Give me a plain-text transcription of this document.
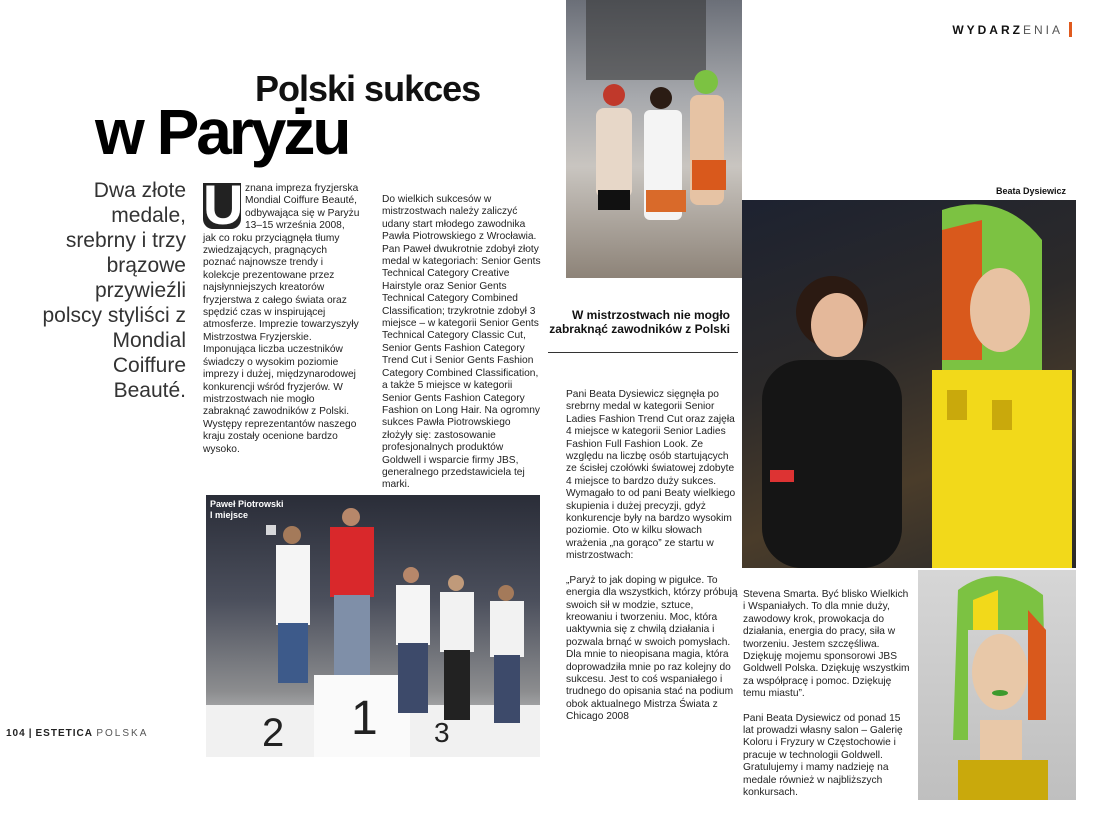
WYDARZ ENIA
Polski sukces
w Paryżu
Dwa złote medale, srebrny i trzy brązowe przywieźli polscy styliści z Mondial Coiffure Beauté.
U znana impreza fryzjerska Mondial Coiffure Beauté, odbywająca się w Paryżu 13–15 września 2008, jak co roku przyciągnęła tłumy zwiedzających, pragnących poznać najnowsze trendy i kolekcje prezentowane przez najsłynniejszych kreatorów fryzjerstwa z całego świata oraz spędzić czas w inspirującej atmosferze. Imprezie towarzyszyły Mistrzostwa Fryzjerskie. Imponująca liczba uczestników świadczy o wysokim poziomie imprezy i dużej, międzynarodowej konkurencji wśród fryzjerów. W mistrzostwach nie mogło zabraknąć zawodników z Polski. Występy reprezentantów naszego kraju zostały ocenione bardzo wysoko.
Do wielkich sukcesów w mistrzostwach należy zaliczyć udany start młodego zawodnika Pawła Piotrowskiego z Wrocławia. Pan Paweł dwukrotnie zdobył złoty medal w kategoriach: Senior Gents Technical Category Creative Hairstyle oraz Senior Gents Technical Category Combined Classification; trzykrotnie zdobył 3 miejsce – w kategorii Senior Gents Technical Category Classic Cut, Senior Gents Fashion Category Trend Cut i Senior Gents Fashion Category Combined Classification, a także 5 miejsce w kategorii Senior Gents Fashion Category Fashion on Long Hair. Na ogromny sukces Pawła Piotrowskiego złożyły się: zastosowanie profesjonalnych produktów Goldwell i wsparcie firmy JBS, generalnego przedstawiciela tej marki.
W mistrzostwach nie mogło zabraknąć zawodników z Polski
Beata Dysiewicz
Paweł Piotrowski
I miejsce
2 1 3
Pani Beata Dysiewicz sięgnęła po srebrny medal w kategorii Senior Ladies Fashion Trend Cut oraz zajęła 4 miejsce w kategorii Senior Ladies Fashion Full Fashion Look. Ze względu na liczbę osób startujących ze ścisłej czołówki światowej zdobyte 4 miejsce to bardzo duży sukces. Wymagało to od pani Beaty wielkiego skupienia i dużej precyzji, gdyż konkurencje były na bardzo wysokim poziomie. Oto w kilku słowach wrażenia „na gorąco” ze startu w mistrzostwach:
„Paryż to jak doping w pigułce. To energia dla wszystkich, którzy próbują swoich sił w modzie, sztuce, kreowaniu i tworzeniu. Moc, która uaktywnia się z chwilą działania i pozwala brnąć w swoich pomysłach. Dla mnie to nieopisana magia, która doprowadziła mnie po raz kolejny do sukcesu. Jest to coś wspaniałego i trudnego do opisania stać na podium obok aktualnego Mistrza Świata z Chicago 2008
Stevena Smarta. Być blisko Wielkich i Wspaniałych. To dla mnie duży, zawodowy krok, prowokacja do działania, energia do pracy, siła w tworzeniu. Jestem szczęśliwa. Dziękuję mojemu sponsorowi JBS Goldwell Polska. Dziękuję wszystkim za współpracę i pomoc. Dziękuję temu miastu”.
Pani Beata Dysiewicz od ponad 15 lat prowadzi własny salon – Galerię Koloru i Fryzury w Częstochowie i pracuje w technologii Goldwell. Gratulujemy i mamy nadzieję na medale również w najbliższych konkursach.
104 | ESTETICA POLSKA
